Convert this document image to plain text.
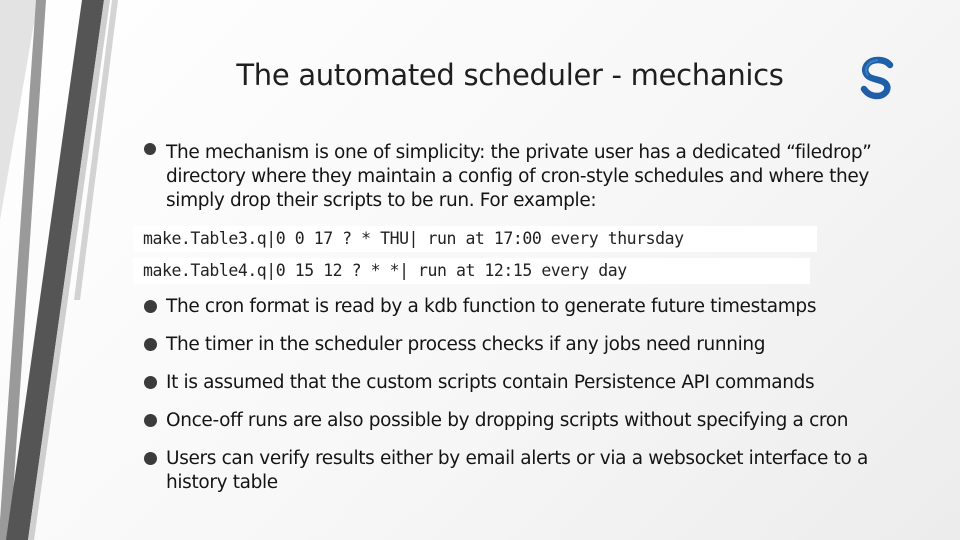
The automated scheduler - mechanics
The mechanism is one of simplicity: the private user has a dedicated “filedrop” directory where they maintain a config of cron-style schedules and where they simply drop their scripts to be run. For example:
make.Table3.q|0 0 17 ? * THU| run at 17:00 every thursday
make.Table4.q|0 15 12 ? * *| run at 12:15 every day
The cron format is read by a kdb function to generate future timestamps
The timer in the scheduler process checks if any jobs need running
It is assumed that the custom scripts contain Persistence API commands
Once-off runs are also possible by dropping scripts without specifying a cron
Users can verify results either by email alerts or via a websocket interface to a history table
